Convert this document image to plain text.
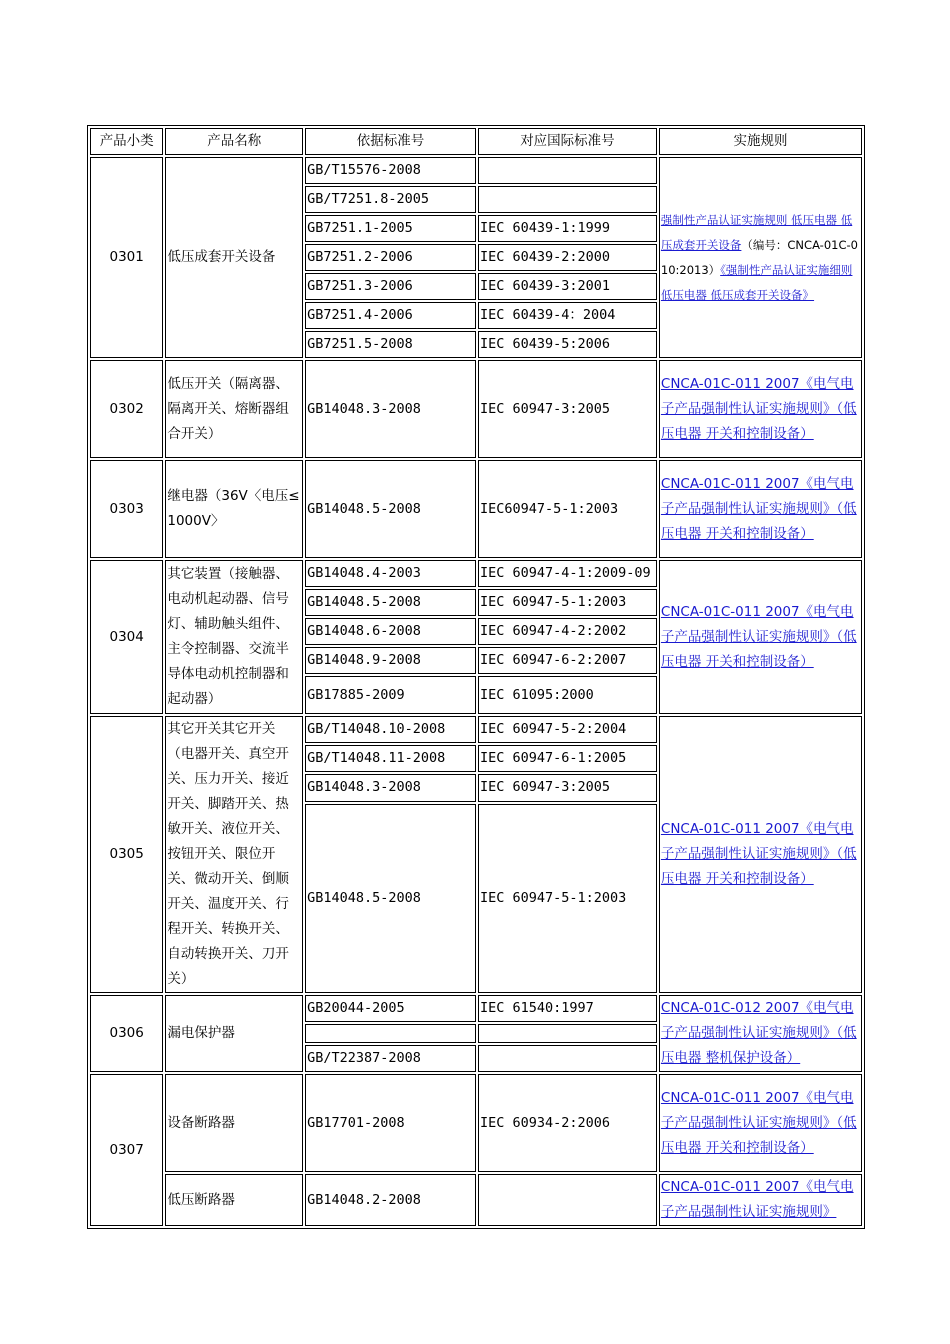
产品小类	产品名称	依据标准号	对应国际标准号	实施规则
0301	低压成套开关设备	GB/T15576-2008		强制性产品认证实施规则 低压电器 低压成套开关设备（编号：CNCA-01C-010:2013）《强制性产品认证实施细则 低压电器 低压成套开关设备》
		GB/T7251.8-2005		
		GB7251.1-2005	IEC 60439-1:1999	
		GB7251.2-2006	IEC 60439-2:2000	
		GB7251.3-2006	IEC 60439-3:2001	
		GB7251.4-2006	IEC 60439-4：2004	
		GB7251.5-2008	IEC 60439-5:2006	
0302	低压开关（隔离器、隔离开关、熔断器组合开关）	GB14048.3-2008	IEC 60947-3:2005	CNCA-01C-011 2007《电气电子产品强制性认证实施规则》（低压电器 开关和控制设备）
0303	继电器（36V〈电压≤1000V〉	GB14048.5-2008	IEC60947-5-1:2003	CNCA-01C-011 2007《电气电子产品强制性认证实施规则》（低压电器 开关和控制设备）
0304	其它装置（接触器、电动机起动器、信号灯、辅助触头组件、主令控制器、交流半导体电动机控制器和起动器）	GB14048.4-2003	IEC 60947-4-1:2009-09	CNCA-01C-011 2007《电气电子产品强制性认证实施规则》（低压电器 开关和控制设备）
		GB14048.5-2008	IEC 60947-5-1:2003	
		GB14048.6-2008	IEC 60947-4-2:2002	
		GB14048.9-2008	IEC 60947-6-2:2007	
		GB17885-2009	IEC 61095:2000	
0305	其它开关其它开关（电器开关、真空开关、压力开关、接近开关、脚踏开关、热敏开关、液位开关、按钮开关、限位开关、微动开关、倒顺开关、温度开关、行程开关、转换开关、自动转换开关、刀开关）	GB/T14048.10-2008	IEC 60947-5-2:2004	CNCA-01C-011 2007《电气电子产品强制性认证实施规则》（低压电器 开关和控制设备）
		GB/T14048.11-2008	IEC 60947-6-1:2005	
		GB14048.3-2008	IEC 60947-3:2005	
		GB14048.5-2008	IEC 60947-5-1:2003	
0306	漏电保护器	GB20044-2005	IEC 61540:1997	CNCA-01C-012 2007《电气电子产品强制性认证实施规则》（低压电器 整机保护设备）

		GB/T22387-2008		
0307	设备断路器	GB17701-2008	IEC 60934-2:2006	CNCA-01C-011 2007《电气电子产品强制性认证实施规则》（低压电器 开关和控制设备）
	低压断路器	GB14048.2-2008		CNCA-01C-011 2007《电气电子产品强制性认证实施规则》
